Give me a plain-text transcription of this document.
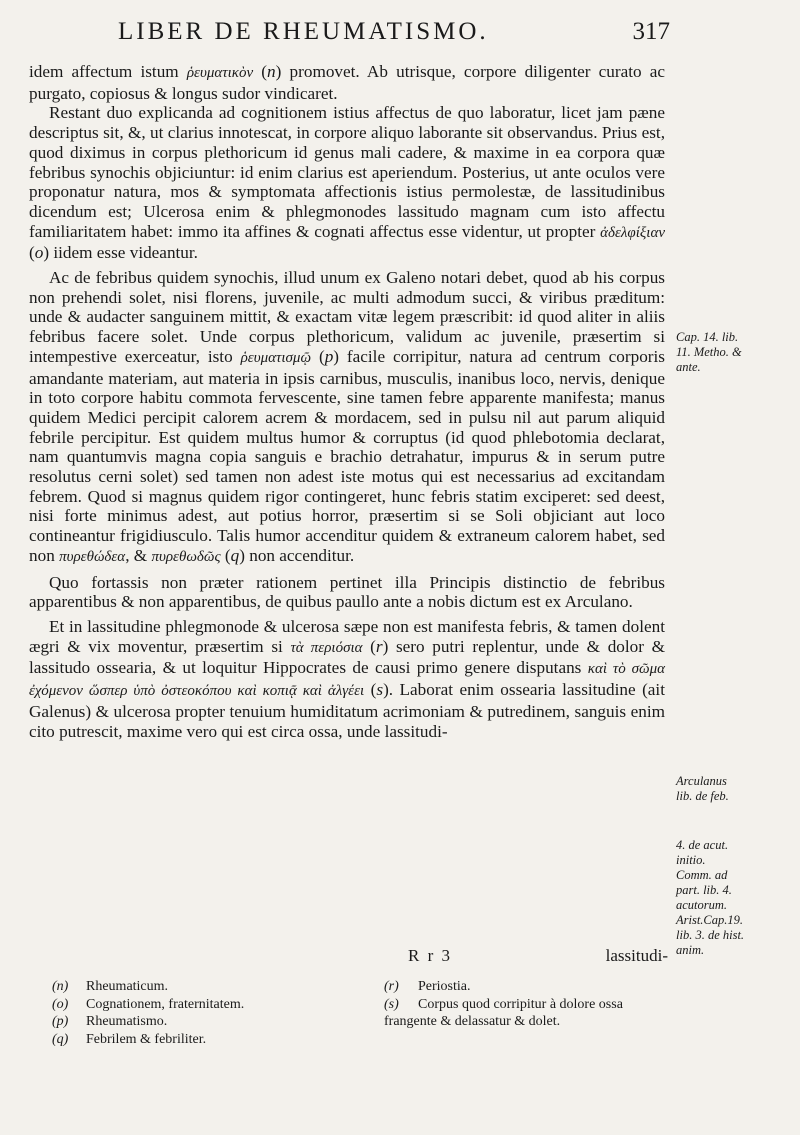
LIBER DE RHEUMATISMO.	317

idem affectum istum ῥευματικὸν (n) promovet. Ab utrisque, corpore diligenter curato ac purgato, copiosus & longus sudor vindicaret.

Restant duo explicanda ad cognitionem istius affectus de quo laboratur, licet jam pæne descriptus sit, &, ut clarius innotescat, in corpore aliquo laborante sit observandus. Prius est, quod diximus in corpus plethoricum id genus mali cadere, & maxime in ea corpora quæ febribus synochis objiciuntur: id enim clarius est aperiendum. Posterius, ut ante oculos vere proponatur natura, mos & symptomata affectionis istius permolestæ, de lassitudinibus dicendum est; Ulcerosa enim & phlegmonodes lassitudo magnam cum isto affectu familiaritatem habet: immo ita affines & cognati affectus esse videntur, ut propter ἀδελφίξιαν (o) iidem esse videantur.

Ac de febribus quidem synochis, illud unum ex Galeno notari debet, quod ab his corpus non prehendi solet, nisi florens, juvenile, ac multi admodum succi, & viribus præditum: unde & audacter sanguinem mittit, & exactam vitæ legem præscribit: id quod aliter in aliis febribus facere solet. Unde corpus plethoricum, validum ac juvenile, præsertim si intempestive exerceatur, isto ῥευματισμῷ (p) facile corripitur, natura ad centrum corporis amandante materiam, aut materia in ipsis carnibus, musculis, inanibus loco, nervis, denique in toto corpore habitu commota fervescente, sine tamen febre apparente manifesta; manus quidem Medici percipit calorem acrem & mordacem, sed in pulsu nil aut parum aliquid febrile percipitur. Est quidem multus humor & corruptus (id quod phlebotomia declarat, nam quantumvis magna copia sanguis e brachio detrahatur, impurus & in serum putre resolutus cerni solet) sed tamen non adest iste motus qui est necessarius ad excitandam febrem. Quod si magnus quidem rigor contingeret, hunc febris statim exciperet: sed deest, nisi forte minimus adest, aut potius horror, præsertim si se Soli objiciant aut loco contineantur frigidiusculo. Talis humor accenditur quidem & extraneum calorem habet, sed non πυρεθώδεα, & πυρεθωδῶς (q) non accenditur.

Quo fortassis non præter rationem pertinet illa Principis distinctio de febribus apparentibus & non apparentibus, de quibus paullo ante a nobis dictum est ex Arculano.

Et in lassitudine phlegmonode & ulcerosa sæpe non est manifesta febris, & tamen dolent ægri & vix moventur, præsertim si τὰ περιόσια (r) sero putri replentur, unde & dolor & lassitudo ossearia, & ut loquitur Hippocrates de causi primo genere disputans καὶ τὸ σῶμα ἐχόμενον ὥσπερ ὑπὸ ὀστεοκόπου καὶ κοπιᾷ καὶ ἀλγέει (s). Laborat enim ossearia lassitudine (ait Galenus) & ulcerosa propter tenuium humiditatum acrimoniam & putredinem, sanguis enim cito putrescit, maxime vero qui est circa ossa, unde lassitudi-

R r 3	lassitudi-
Cap. 14. lib.
11. Metho. &
ante.
Arculanus
lib. de feb.
4. de acut.
initio.
Comm. ad
part. lib. 4.
acutorum.
Arist.Cap.19.
lib. 3. de hist.
anim.
(n) Rheumaticum.
(o) Cognationem, fraternitatem.
(p) Rheumatismo.
(q) Febrilem & febriliter.
(r) Periostia.
(s) Corpus quod corripitur à dolore ossa frangente & delassatur & dolet.
